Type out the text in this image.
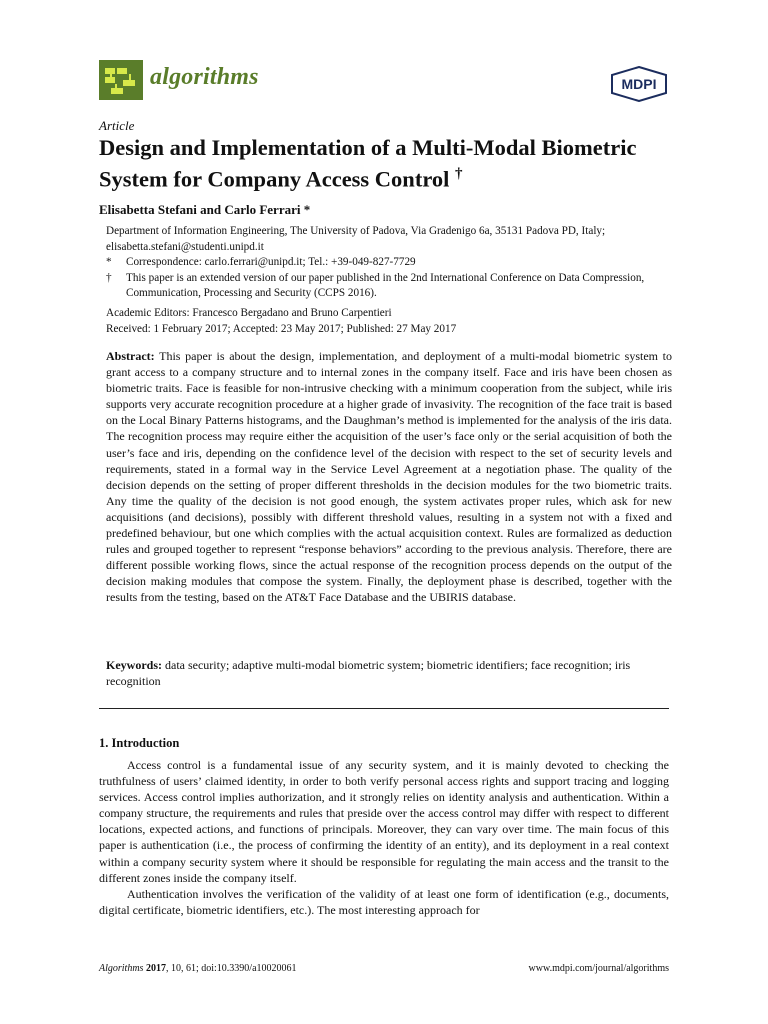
algorithms	MDPI
Article
Design and Implementation of a Multi-Modal Biometric System for Company Access Control †
Elisabetta Stefani and Carlo Ferrari *
Department of Information Engineering, The University of Padova, Via Gradenigo 6a, 35131 Padova PD, Italy; elisabetta.stefani@studenti.unipd.it
* Correspondence: carlo.ferrari@unipd.it; Tel.: +39-049-827-7729
† This paper is an extended version of our paper published in the 2nd International Conference on Data Compression, Communication, Processing and Security (CCPS 2016).
Academic Editors: Francesco Bergadano and Bruno Carpentieri
Received: 1 February 2017; Accepted: 23 May 2017; Published: 27 May 2017
Abstract: This paper is about the design, implementation, and deployment of a multi-modal biometric system to grant access to a company structure and to internal zones in the company itself. Face and iris have been chosen as biometric traits. Face is feasible for non-intrusive checking with a minimum cooperation from the subject, while iris supports very accurate recognition procedure at a higher grade of invasivity. The recognition of the face trait is based on the Local Binary Patterns histograms, and the Daughman’s method is implemented for the analysis of the iris data. The recognition process may require either the acquisition of the user’s face only or the serial acquisition of both the user’s face and iris, depending on the confidence level of the decision with respect to the set of security levels and requirements, stated in a formal way in the Service Level Agreement at a negotiation phase. The quality of the decision depends on the setting of proper different thresholds in the decision modules for the two biometric traits. Any time the quality of the decision is not good enough, the system activates proper rules, which ask for new acquisitions (and decisions), possibly with different threshold values, resulting in a system not with a fixed and predefined behaviour, but one which complies with the actual acquisition context. Rules are formalized as deduction rules and grouped together to represent “response behaviors” according to the previous analysis. Therefore, there are different possible working flows, since the actual response of the recognition process depends on the output of the decision making modules that compose the system. Finally, the deployment phase is described, together with the results from the testing, based on the AT&T Face Database and the UBIRIS database.
Keywords: data security; adaptive multi-modal biometric system; biometric identifiers; face recognition; iris recognition
1. Introduction

Access control is a fundamental issue of any security system, and it is mainly devoted to checking the truthfulness of users’ claimed identity, in order to both verify personal access rights and support tracing and logging services. Access control implies authorization, and it strongly relies on identity analysis and authentication. Within a company structure, the requirements and rules that preside over the access control may differ with respect to different locations, expected actions, and functions of principals. Moreover, they can vary over time. The main focus of this paper is authentication (i.e., the process of confirming the identity of an entity), and its deployment in a real context within a company security system where it should be responsible for regulating the main access and the transit to the different zones inside the company itself.

Authentication involves the verification of the validity of at least one form of identification (e.g., documents, digital certificate, biometric identifiers, etc.). The most interesting approach for

Algorithms 2017, 10, 61; doi:10.3390/a10020061	www.mdpi.com/journal/algorithms
